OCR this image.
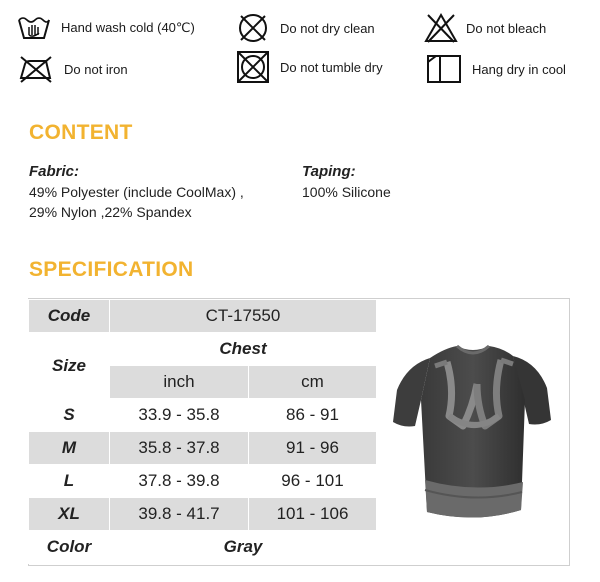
Hand wash cold (40℃)	Do not dry clean	Do not bleach
Do not iron	Do not tumble dry	Hang dry in cool
CONTENT
Fabric:
49% Polyester (include CoolMax) ,
29% Nylon ,22% Spandex
Taping:
100% Silicone
SPECIFICATION
Code	CT-17550	
Size	Chest	
	inch	cm
S	33.9 - 35.8	86 - 91
M	35.8 - 37.8	91 - 96
L	37.8 - 39.8	96 - 101
XL	39.8 - 41.7	101 - 106
Color	Gray	
